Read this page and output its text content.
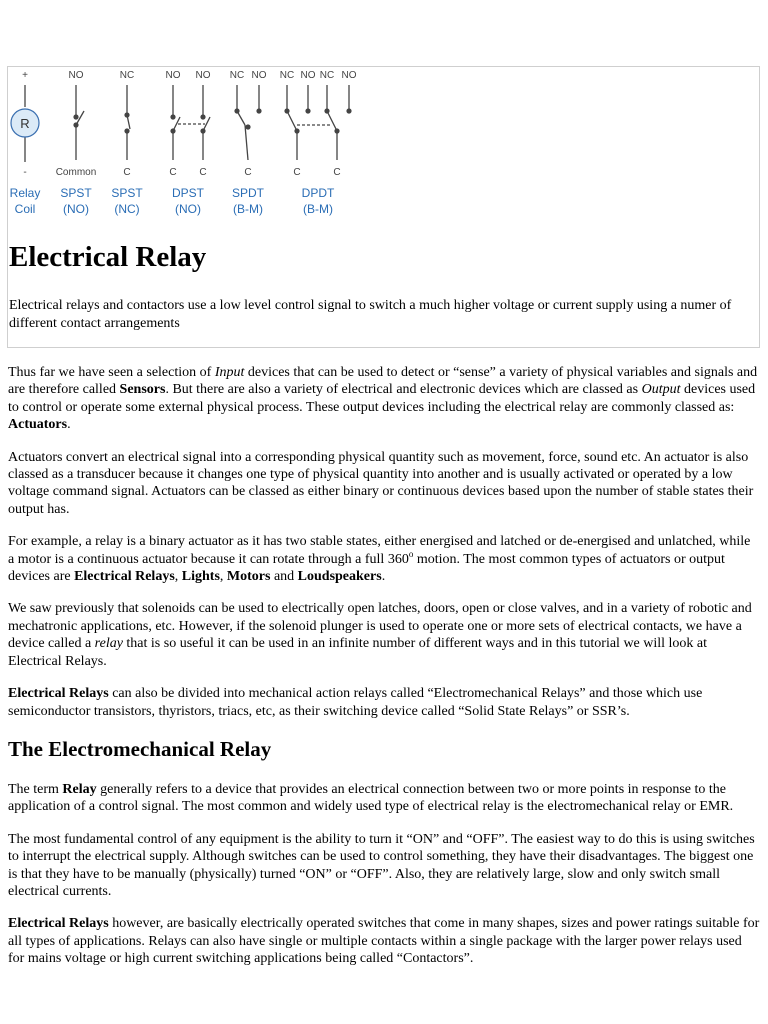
R
+	NO	NC	NO NO NC NO NC NO NC NO
-	Common	C	C C	C	C	C
Relay
Coil
SPST
(NO)
SPST
(NC)
DPST
(NO)
SPDT
(B-M)
DPDT
(B-M)
Electrical Relay

Electrical relays and contactors use a low level control signal to switch a much higher voltage or current supply using a numer of different contact arrangements

Thus far we have seen a selection of Input devices that can be used to detect or “sense” a variety of physical variables and signals and are therefore called Sensors. But there are also a variety of electrical and electronic devices which are classed as Output devices used to control or operate some external physical process. These output devices including the electrical relay are commonly classed as: Actuators.

Actuators convert an electrical signal into a corresponding physical quantity such as movement, force, sound etc. An actuator is also classed as a transducer because it changes one type of physical quantity into another and is usually activated or operated by a low voltage command signal. Actuators can be classed as either binary or continuous devices based upon the number of stable states their output has.

For example, a relay is a binary actuator as it has two stable states, either energised and latched or de-energised and unlatched, while a motor is a continuous actuator because it can rotate through a full 360$^o$ motion. The most common types of actuators or output devices are Electrical Relays, Lights, Motors and Loudspeakers.

We saw previously that solenoids can be used to electrically open latches, doors, open or close valves, and in a variety of robotic and mechatronic applications, etc. However, if the solenoid plunger is used to operate one or more sets of electrical contacts, we have a device called a relay that is so useful it can be used in an infinite number of different ways and in this tutorial we will look at Electrical Relays.

Electrical Relays can also be divided into mechanical action relays called “Electromechanical Relays” and those which use semiconductor transistors, thyristors, triacs, etc, as their switching device called “Solid State Relays” or SSR’s.

The Electromechanical Relay

The term Relay generally refers to a device that provides an electrical connection between two or more points in response to the application of a control signal. The most common and widely used type of electrical relay is the electromechanical relay or EMR.

The most fundamental control of any equipment is the ability to turn it “ON” and “OFF”. The easiest way to do this is using switches to interrupt the electrical supply. Although switches can be used to control something, they have their disadvantages. The biggest one is that they have to be manually (physically) turned “ON” or “OFF”. Also, they are relatively large, slow and only switch small electrical currents.

Electrical Relays however, are basically electrically operated switches that come in many shapes, sizes and power ratings suitable for all types of applications. Relays can also have single or multiple contacts within a single package with the larger power relays used for mains voltage or high current switching applications being called “Contactors”.
